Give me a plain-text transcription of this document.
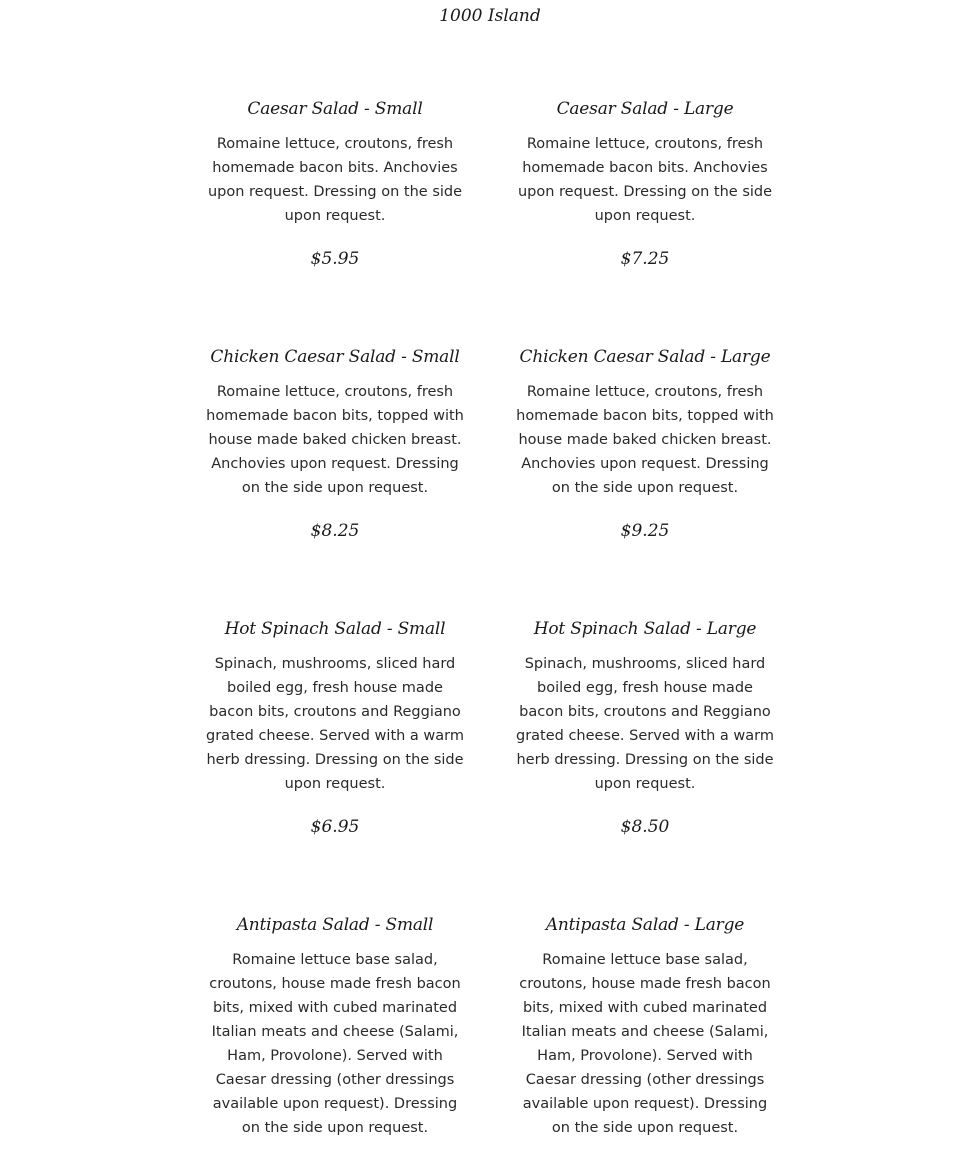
1000 Island
Caesar Salad - Small
Romaine lettuce, croutons, fresh homemade bacon bits. Anchovies upon request. Dressing on the side upon request.
$5.95
Caesar Salad - Large
Romaine lettuce, croutons, fresh homemade bacon bits. Anchovies upon request. Dressing on the side upon request.
$7.25
Chicken Caesar Salad - Small
Romaine lettuce, croutons, fresh homemade bacon bits, topped with house made baked chicken breast. Anchovies upon request. Dressing on the side upon request.
$8.25
Chicken Caesar Salad - Large
Romaine lettuce, croutons, fresh homemade bacon bits, topped with house made baked chicken breast. Anchovies upon request. Dressing on the side upon request.
$9.25
Hot Spinach Salad - Small
Spinach, mushrooms, sliced hard boiled egg, fresh house made bacon bits, croutons and Reggiano grated cheese. Served with a warm herb dressing. Dressing on the side upon request.
$6.95
Hot Spinach Salad - Large
Spinach, mushrooms, sliced hard boiled egg, fresh house made bacon bits, croutons and Reggiano grated cheese. Served with a warm herb dressing. Dressing on the side upon request.
$8.50
Antipasta Salad - Small
Romaine lettuce base salad, croutons, house made fresh bacon bits, mixed with cubed marinated Italian meats and cheese (Salami, Ham, Provolone). Served with Caesar dressing (other dressings available upon request). Dressing on the side upon request.
Antipasta Salad - Large
Romaine lettuce base salad, croutons, house made fresh bacon bits, mixed with cubed marinated Italian meats and cheese (Salami, Ham, Provolone). Served with Caesar dressing (other dressings available upon request). Dressing on the side upon request.
